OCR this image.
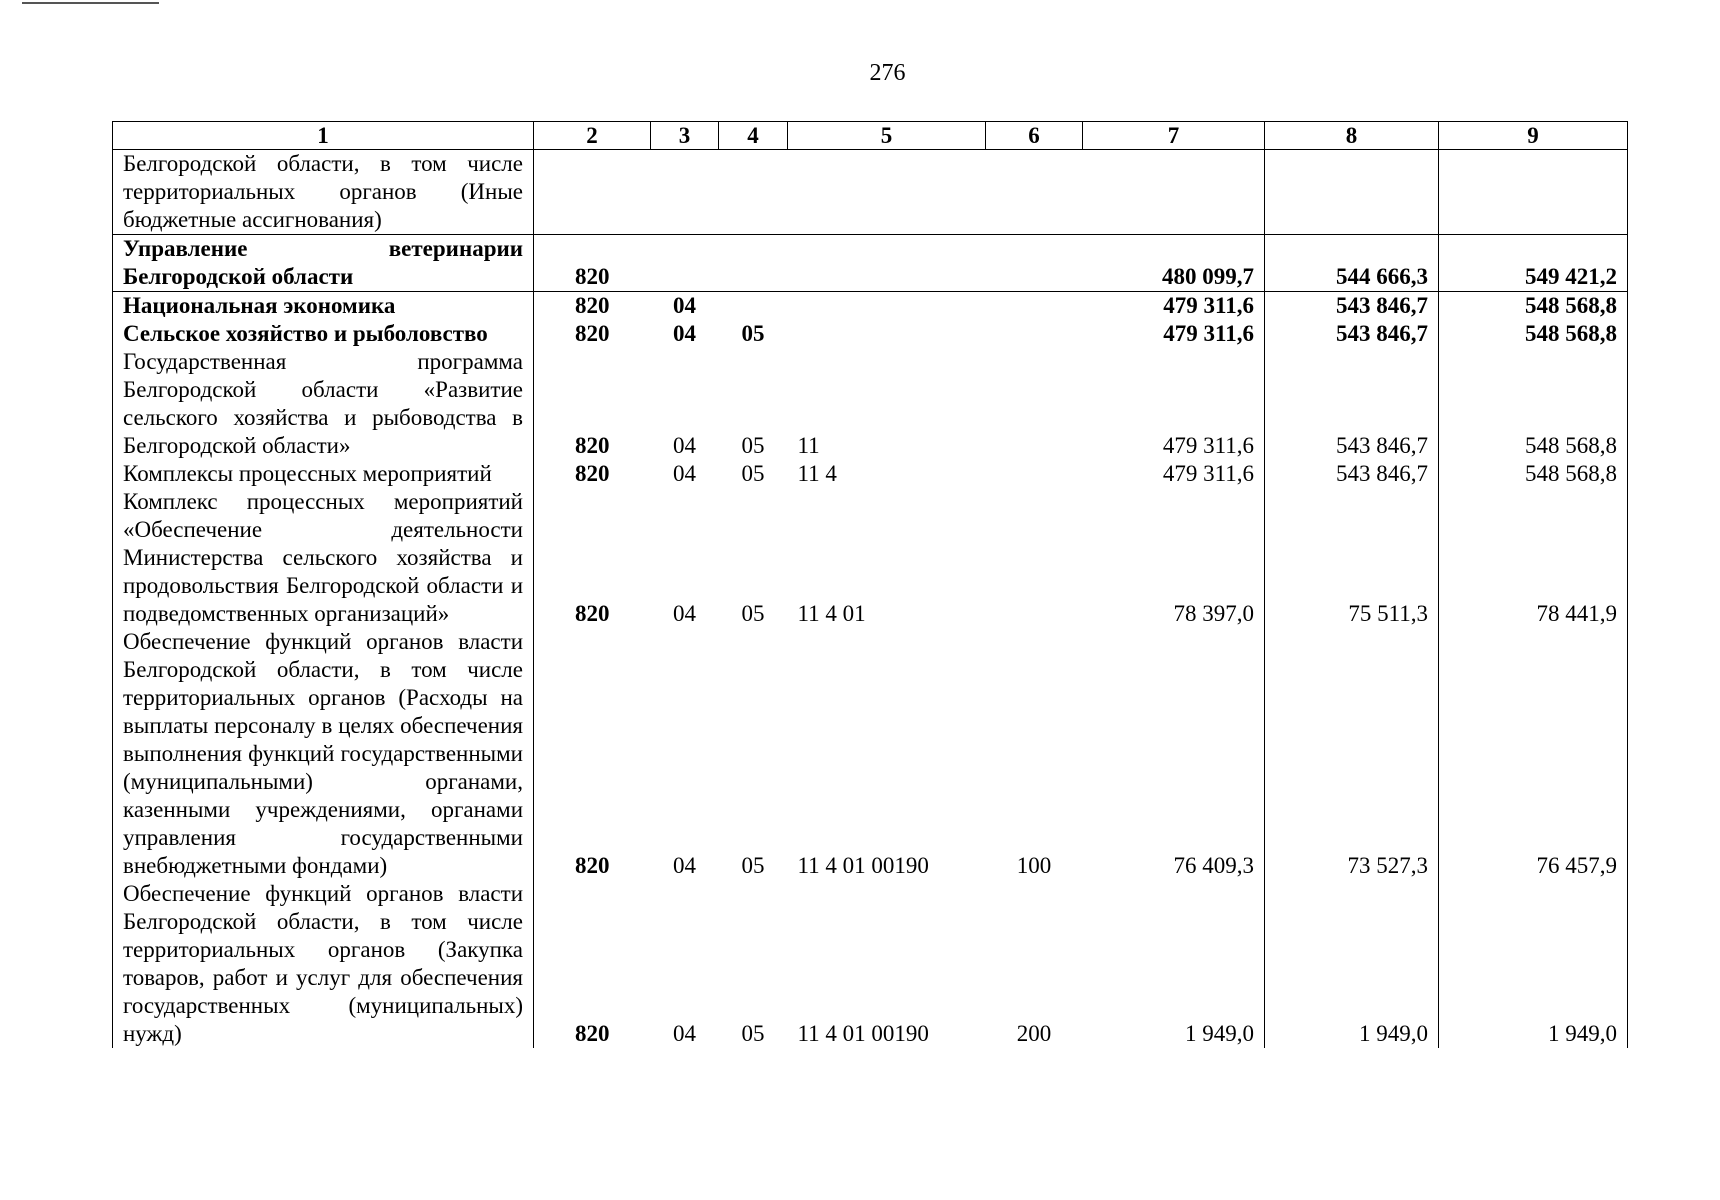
276
1	2	3	4	5	6	7	8	9
Белгородской области, в том числе территориальных органов (Иные бюджетные ассигнования)								

Управление ветеринарии
Белгородской области	820					480 099,7	544 666,3	549 421,2
Национальная экономика	820	04				479 311,6	543 846,7	548 568,8
Сельское хозяйство и рыболовство	820	04	05			479 311,6	543 846,7	548 568,8
Государственная программа Белгородской области «Развитие сельского хозяйства и рыбоводства в Белгородской области»	820	04	05	11		479 311,6	543 846,7	548 568,8
Комплексы процессных мероприятий	820	04	05	11 4		479 311,6	543 846,7	548 568,8
Комплекс процессных мероприятий «Обеспечение деятельности Министерства сельского хозяйства и продовольствия Белгородской области и подведомственных организаций»	820	04	05	11 4 01		78 397,0	75 511,3	78 441,9
Обеспечение функций органов власти Белгородской области, в том числе территориальных органов (Расходы на выплаты персоналу в целях обеспечения выполнения функций государственными (муниципальными) органами, казенными учреждениями, органами управления государственными внебюджетными фондами)	820	04	05	11 4 01 00190	100	76 409,3	73 527,3	76 457,9
Обеспечение функций органов власти Белгородской области, в том числе территориальных органов (Закупка товаров, работ и услуг для обеспечения государственных (муниципальных) нужд)	820	04	05	11 4 01 00190	200	1 949,0	1 949,0	1 949,0
